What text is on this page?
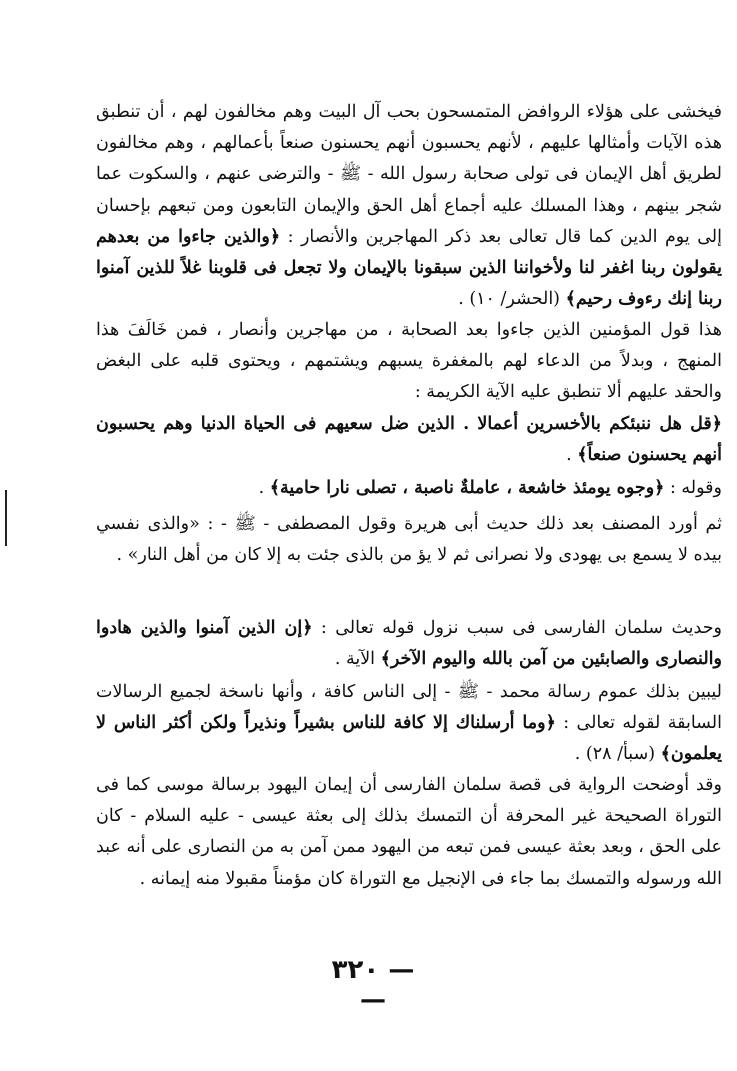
فيخشى على هؤلاء الروافض المتمسحون بحب آل البيت وهم مخالفون لهم ، أن تنطبق هذه الآيات وأمثالها عليهم ، لأنهم يحسبون أنهم يحسنون صنعاً بأعمالهم ، وهم مخالفون لطريق أهل الإيمان فى تولى صحابة رسول الله - ﷺ - والترضى عنهم ، والسكوت عما شجر بينهم ، وهذا المسلك عليه أجماع أهل الحق والإيمان التابعون ومن تبعهم بإحسان إلى يوم الدين كما قال تعالى بعد ذكر المهاجرين والأنصار : ﴿والذين جاءوا من بعدهم يقولون ربنا اغفر لنا ولأخواننا الذين سبقونا بالإيمان ولا تجعل فى قلوبنا غلاً للذين آمنوا ربنا إنك رءوف رحيم﴾ (الحشر/ ١٠) .

هذا قول المؤمنين الذين جاءوا بعد الصحابة ، من مهاجرين وأنصار ، فمن خَالَفَ هذا المنهج ، وبدلاً من الدعاء لهم بالمغفرة يسبهم ويشتمهم ، ويحتوى قلبه على البغض والحقد عليهم ألا تنطبق عليه الآية الكريمة :

﴿قل هل ننبئكم بالأخسرين أعمالا . الذين ضل سعيهم فى الحياة الدنيا وهم يحسبون أنهم يحسنون صنعاً﴾ .

وقوله : ﴿وجوه يومئذ خاشعة ، عاملةٌ ناصبة ، تصلى نارا حامية﴾ .

ثم أورد المصنف بعد ذلك حديث أبى هريرة وقول المصطفى - ﷺ - : «والذى نفسي بيده لا يسمع بى يهودى ولا نصرانى ثم لا يؤ من بالذى جئت به إلا كان من أهل النار» .

وحديث سلمان الفارسى فى سبب نزول قوله تعالى : ﴿إن الذين آمنوا والذين هادوا والنصارى والصابئين من آمن بالله واليوم الآخر﴾ الآية .

ليبين بذلك عموم رسالة محمد - ﷺ - إلى الناس كافة ، وأنها ناسخة لجميع الرسالات السابقة لقوله تعالى : ﴿وما أرسلناك إلا كافة للناس بشيراً ونذيراً ولكن أكثر الناس لا يعلمون﴾ (سبأ/ ٢٨) .

وقد أوضحت الرواية فى قصة سلمان الفارسى أن إيمان اليهود برسالة موسى كما فى التوراة الصحيحة غير المحرفة أن التمسك بذلك إلى بعثة عيسى - عليه السلام - كان على الحق ، وبعد بعثة عيسى فمن تبعه من اليهود ممن آمن به من النصارى على أنه عبد الله ورسوله والتمسك بما جاء فى الإنجيل مع التوراة كان مؤمناً مقبولا منه إيمانه .

— ٣٢٠ —
